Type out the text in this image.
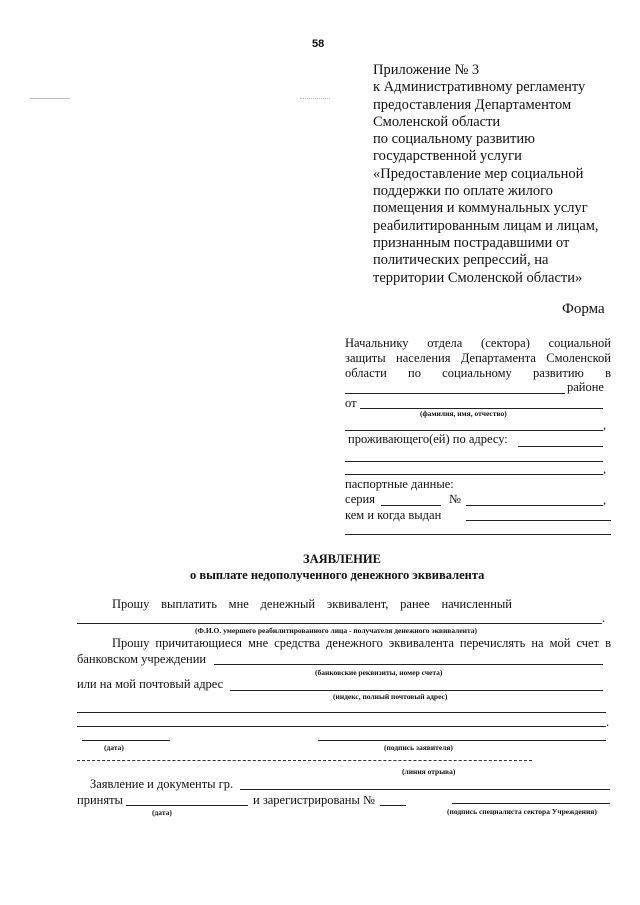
58
Приложение № 3
к Административному регламенту
предоставления Департаментом
Смоленской области
по социальному развитию
государственной услуги
«Предоставление мер социальной
поддержки по оплате жилого
помещения и коммунальных услуг
реабилитированным лицам и лицам,
признанным пострадавшими от
политических репрессий, на
территории Смоленской области»
Форма
Начальнику отдела (сектора) социальной
защиты населения Департамента Смоленской
области по социальному развитию в
районе
от
(фамилия, имя, отчество)
,
проживающего(ей) по адресу:
,
паспортные данные:
серия	№	,
кем и когда выдан
ЗАЯВЛЕНИЕ
о выплате недополученного денежного эквивалента
Прошу выплатить мне денежный эквивалент, ранее начисленный
.
(Ф.И.О. умершего реабилитированного лица - получателя денежного эквивалента)
Прошу причитающиеся мне средства денежного эквивалента перечислять на мой счет в
банковском учреждении
(банковские реквизиты, номер счета)
или на мой почтовый адрес
(индекс, полный почтовый адрес)
.
(дата)	(подпись заявителя)
(линия отрыва)
Заявление и документы гр.
приняты	и зарегистрированы №
(дата)	(подпись специалиста сектора Учреждения)
